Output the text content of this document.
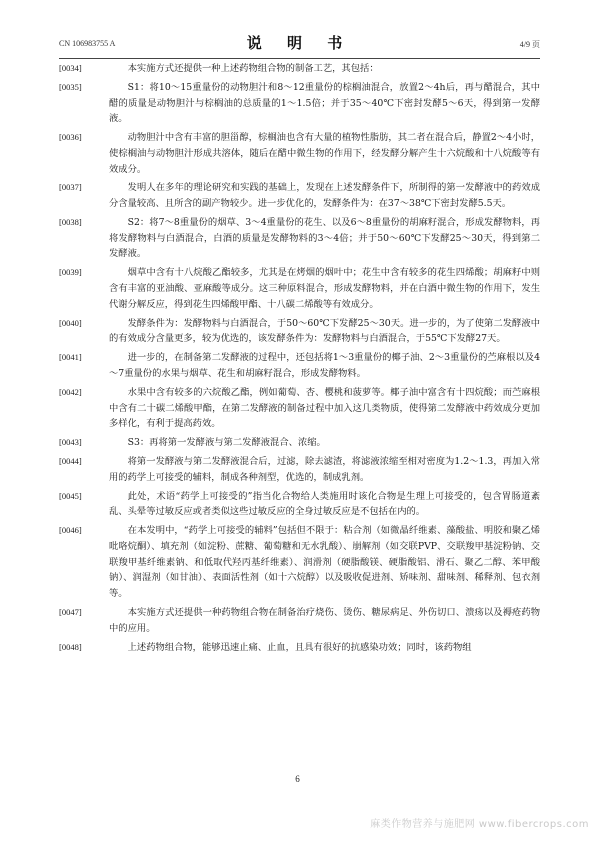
CN 106983755 A	说 明 书	4/9 页
[0034]	本实施方式还提供一种上述药物组合物的制备工艺，其包括：
[0035]	S1：将10～15重量份的动物胆汁和8～12重量份的棕榈油混合，放置2～4h后，再与醋混合，其中醋的质量是动物胆汁与棕榈油的总质量的1～1.5倍；并于35～40℃下密封发酵5～6天，得到第一发酵液。
[0036]	动物胆汁中含有丰富的胆甾醇，棕榈油也含有大量的植物性脂肪，其二者在混合后，静置2～4小时，使棕榈油与动物胆汁形成共溶体，随后在醋中微生物的作用下，经发酵分解产生十六烷酸和十八烷酸等有效成分。
[0037]	发明人在多年的理论研究和实践的基础上，发现在上述发酵条件下，所制得的第一发酵液中的药效成分含量较高、且所含的副产物较少。进一步优化的，发酵条件为：在37～38℃下密封发酵5.5天。
[0038]	S2：将7～8重量份的烟草、3～4重量份的花生、以及6～8重量份的胡麻籽混合，形成发酵物料，再将发酵物料与白酒混合，白酒的质量是发酵物料的3～4倍；并于50～60℃下发酵25～30天，得到第二发酵液。
[0039]	烟草中含有十八烷酸乙酯较多，尤其是在烤烟的烟叶中；花生中含有较多的花生四烯酸；胡麻籽中则含有丰富的亚油酸、亚麻酸等成分。这三种原料混合，形成发酵物料，并在白酒中微生物的作用下，发生代谢分解反应，得到花生四烯酸甲酯、十八碳二烯酸等有效成分。
[0040]	发酵条件为：发酵物料与白酒混合，于50～60℃下发酵25～30天。进一步的，为了使第二发酵液中的有效成分含量更多，较为优选的，该发酵条件为：发酵物料与白酒混合，于55℃下发酵27天。
[0041]	进一步的，在制备第二发酵液的过程中，还包括将1～3重量份的椰子油、2～3重量份的苎麻根以及4～7重量份的水果与烟草、花生和胡麻籽混合，形成发酵物料。
[0042]	水果中含有较多的六烷酸乙酯，例如葡萄、杏、樱桃和菠萝等。椰子油中富含有十四烷酸；而苎麻根中含有二十碳二烯酸甲酯，在第二发酵液的制备过程中加入这几类物质，使得第二发酵液中药效成分更加多样化，有利于提高药效。
[0043]	S3：再将第一发酵液与第二发酵液混合、浓缩。
[0044]	将第一发酵液与第二发酵液混合后，过滤，除去滤渣，将滤液浓缩至相对密度为1.2～1.3，再加入常用的药学上可接受的辅料，制成各种剂型，优选的，制成乳剂。
[0045]	此处，术语“药学上可接受的”指当化合物给人类施用时该化合物是生理上可接受的，包含胃肠道紊乱、头晕等过敏反应或者类似这些过敏反应的全身过敏反应是不包括在内的。
[0046]	在本发明中，“药学上可接受的辅料”包括但不限于：粘合剂（如微晶纤维素、藻酸盐、明胶和聚乙烯吡咯烷酮）、填充剂（如淀粉、蔗糖、葡萄糖和无水乳酸）、崩解剂（如交联PVP、交联羧甲基淀粉钠、交联羧甲基纤维素钠、和低取代羟丙基纤维素）、润滑剂（硬脂酸镁、硬脂酸铝、滑石、聚乙二醇、苯甲酸钠）、润湿剂（如甘油）、表面活性剂（如十六烷醇）以及吸收促进剂、矫味剂、甜味剂、稀释剂、包衣剂等。
[0047]	本实施方式还提供一种药物组合物在制备治疗烧伤、烫伤、糖尿病足、外伤切口、溃疡以及褥疮药物中的应用。
[0048]	上述药物组合物，能够迅速止痛、止血，且具有很好的抗感染功效；同时，该药物组
6
麻类作物营养与施肥网 www.fibercrops.com
